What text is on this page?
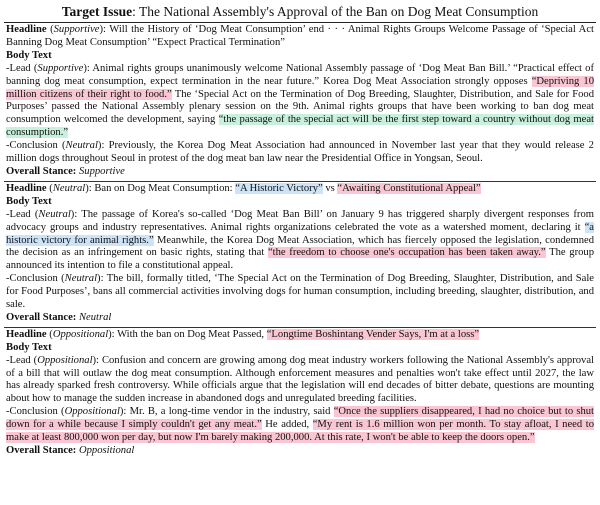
Target Issue: The National Assembly's Approval of the Ban on Dog Meat Consumption

Headline (Supportive): Will the History of ‘Dog Meat Consumption’ end · · · Animal Rights Groups Welcome Passage of ‘Special Act Banning Dog Meat Consumption’ “Expect Practical Termination”

Body Text

-Lead (Supportive): Animal rights groups unanimously welcome National Assembly passage of ‘Dog Meat Ban Bill.’ “Practical effect of banning dog meat consumption, expect termination in the near future.” Korea Dog Meat Association strongly opposes “Depriving 10 million citizens of their right to food.” The ‘Special Act on the Termination of Dog Breeding, Slaughter, Distribution, and Sale for Food Purposes’ passed the National Assembly plenary session on the 9th. Animal rights groups that have been working to ban dog meat consumption welcomed the development, saying “the passage of the special act will be the first step toward a country without dog meat consumption.”

-Conclusion (Neutral): Previously, the Korea Dog Meat Association had announced in November last year that they would release 2 million dogs throughout Seoul in protest of the dog meat ban law near the Presidential Office in Yongsan, Seoul.

Overall Stance: Supportive

Headline (Neutral): Ban on Dog Meat Consumption: “A Historic Victory” vs “Awaiting Constitutional Appeal”

Body Text

-Lead (Neutral): The passage of Korea's so-called ‘Dog Meat Ban Bill’ on January 9 has triggered sharply divergent responses from advocacy groups and industry representatives. Animal rights organizations celebrated the vote as a watershed moment, declaring it “a historic victory for animal rights.” Meanwhile, the Korea Dog Meat Association, which has fiercely opposed the legislation, condemned the decision as an infringement on basic rights, stating that “the freedom to choose one's occupation has been taken away.” The group announced its intention to file a constitutional appeal.

-Conclusion (Neutral): The bill, formally titled, ‘The Special Act on the Termination of Dog Breeding, Slaughter, Distribution, and Sale for Food Purposes’, bans all commercial activities involving dogs for human consumption, including breeding, slaughter, distribution, and sale.

Overall Stance: Neutral

Headline (Oppositional): With the ban on Dog Meat Passed, “Longtime Boshintang Vender Says, I'm at a loss”

Body Text

-Lead (Oppositional): Confusion and concern are growing among dog meat industry workers following the National Assembly's approval of a bill that will outlaw the dog meat consumption. Although enforcement measures and penalties won't take effect until 2027, the law has already sparked fresh controversy. While officials argue that the legislation will end decades of bitter debate, questions are mounting about how to manage the sudden increase in abandoned dogs and unregulated breeding facilities.

-Conclusion (Oppositional): Mr. B, a long-time vendor in the industry, said “Once the suppliers disappeared, I had no choice but to shut down for a while because I simply couldn't get any meat.” He added, “My rent is 1.6 million won per month. To stay afloat, I need to make at least 800,000 won per day, but now I'm barely making 200,000. At this rate, I won't be able to keep the doors open.”

Overall Stance: Oppositional
